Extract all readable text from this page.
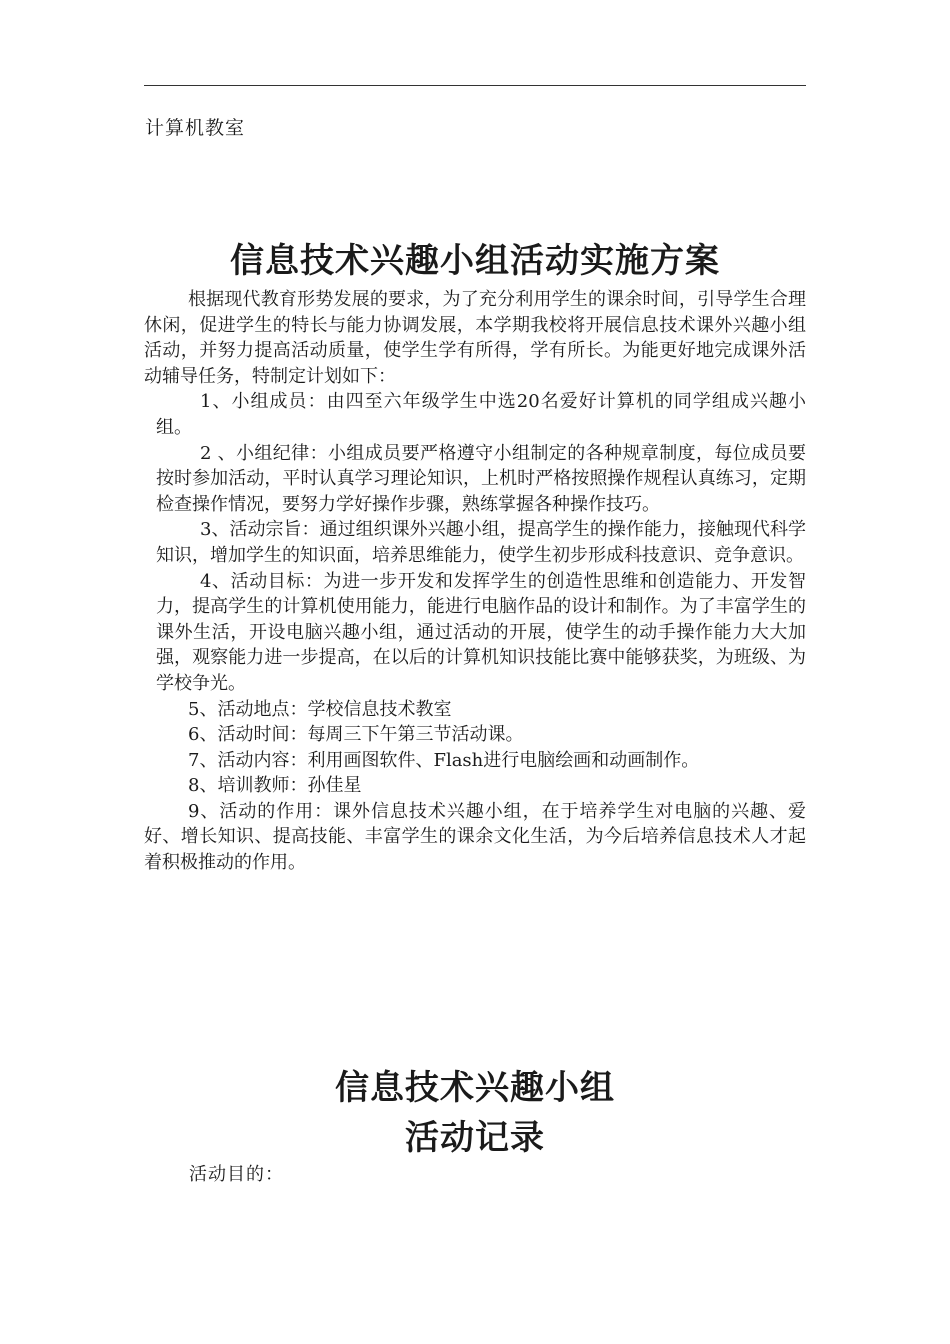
计算机教室
信息技术兴趣小组活动实施方案

根据现代教育形势发展的要求，为了充分利用学生的课余时间，引导学生合理休闲，促进学生的特长与能力协调发展，本学期我校将开展信息技术课外兴趣小组活动，并努力提高活动质量，使学生学有所得，学有所长。为能更好地完成课外活动辅导任务，特制定计划如下：

1、小组成员：由四至六年级学生中选20名爱好计算机的同学组成兴趣小组。

2 、小组纪律：小组成员要严格遵守小组制定的各种规章制度，每位成员要按时参加活动，平时认真学习理论知识，上机时严格按照操作规程认真练习，定期检查操作情况，要努力学好操作步骤，熟练掌握各种操作技巧。

3、活动宗旨：通过组织课外兴趣小组，提高学生的操作能力，接触现代科学知识，增加学生的知识面，培养思维能力，使学生初步形成科技意识、竞争意识。

4、活动目标：为进一步开发和发挥学生的创造性思维和创造能力、开发智力，提高学生的计算机使用能力，能进行电脑作品的设计和制作。为了丰富学生的课外生活，开设电脑兴趣小组，通过活动的开展，使学生的动手操作能力大大加强，观察能力进一步提高，在以后的计算机知识技能比赛中能够获奖，为班级、为学校争光。

5、活动地点：学校信息技术教室

6、活动时间：每周三下午第三节活动课。

7、活动内容：利用画图软件、Flash进行电脑绘画和动画制作。

8、培训教师：孙佳星

9、活动的作用：课外信息技术兴趣小组，在于培养学生对电脑的兴趣、爱好、增长知识、提高技能、丰富学生的课余文化生活，为今后培养信息技术人才起着积极推动的作用。

信息技术兴趣小组
活动记录
活动目的：
